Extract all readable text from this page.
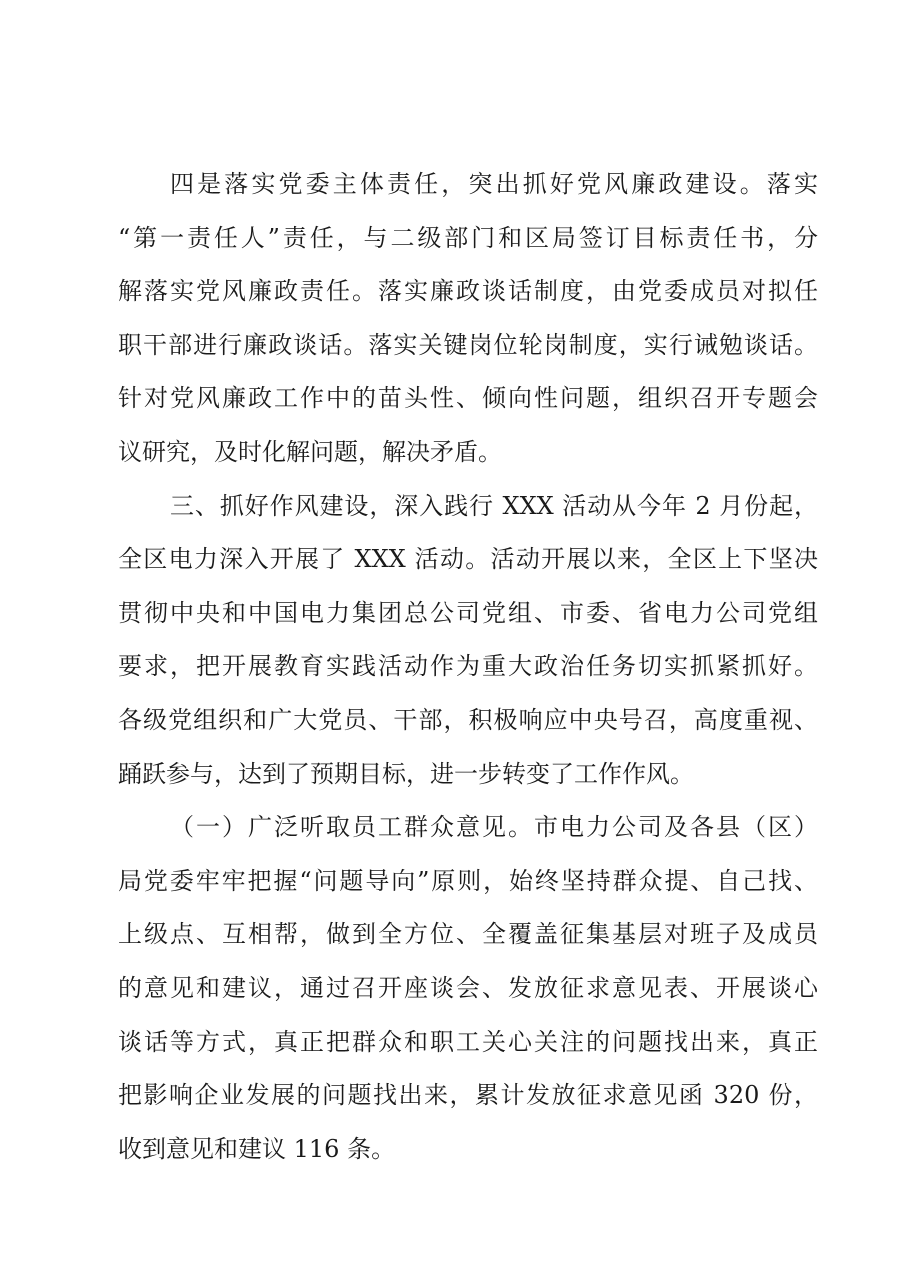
四是落实党委主体责任，突出抓好党风廉政建设。落实
“第一责任人”责任，与二级部门和区局签订目标责任书，分
解落实党风廉政责任。落实廉政谈话制度，由党委成员对拟任
职干部进行廉政谈话。落实关键岗位轮岗制度，实行诫勉谈话。
针对党风廉政工作中的苗头性、倾向性问题，组织召开专题会
议研究，及时化解问题，解决矛盾。
三、抓好作风建设，深入践行 XXX 活动从今年 2 月份起，
全区电力深入开展了 XXX 活动。活动开展以来，全区上下坚决
贯彻中央和中国电力集团总公司党组、市委、省电力公司党组
要求，把开展教育实践活动作为重大政治任务切实抓紧抓好。
各级党组织和广大党员、干部，积极响应中央号召，高度重视、
踊跃参与，达到了预期目标，进一步转变了工作作风。
（一）广泛听取员工群众意见。市电力公司及各县（区）
局党委牢牢把握“问题导向”原则，始终坚持群众提、自己找、
上级点、互相帮，做到全方位、全覆盖征集基层对班子及成员
的意见和建议，通过召开座谈会、发放征求意见表、开展谈心
谈话等方式，真正把群众和职工关心关注的问题找出来，真正
把影响企业发展的问题找出来，累计发放征求意见函 320 份，
收到意见和建议 116 条。
